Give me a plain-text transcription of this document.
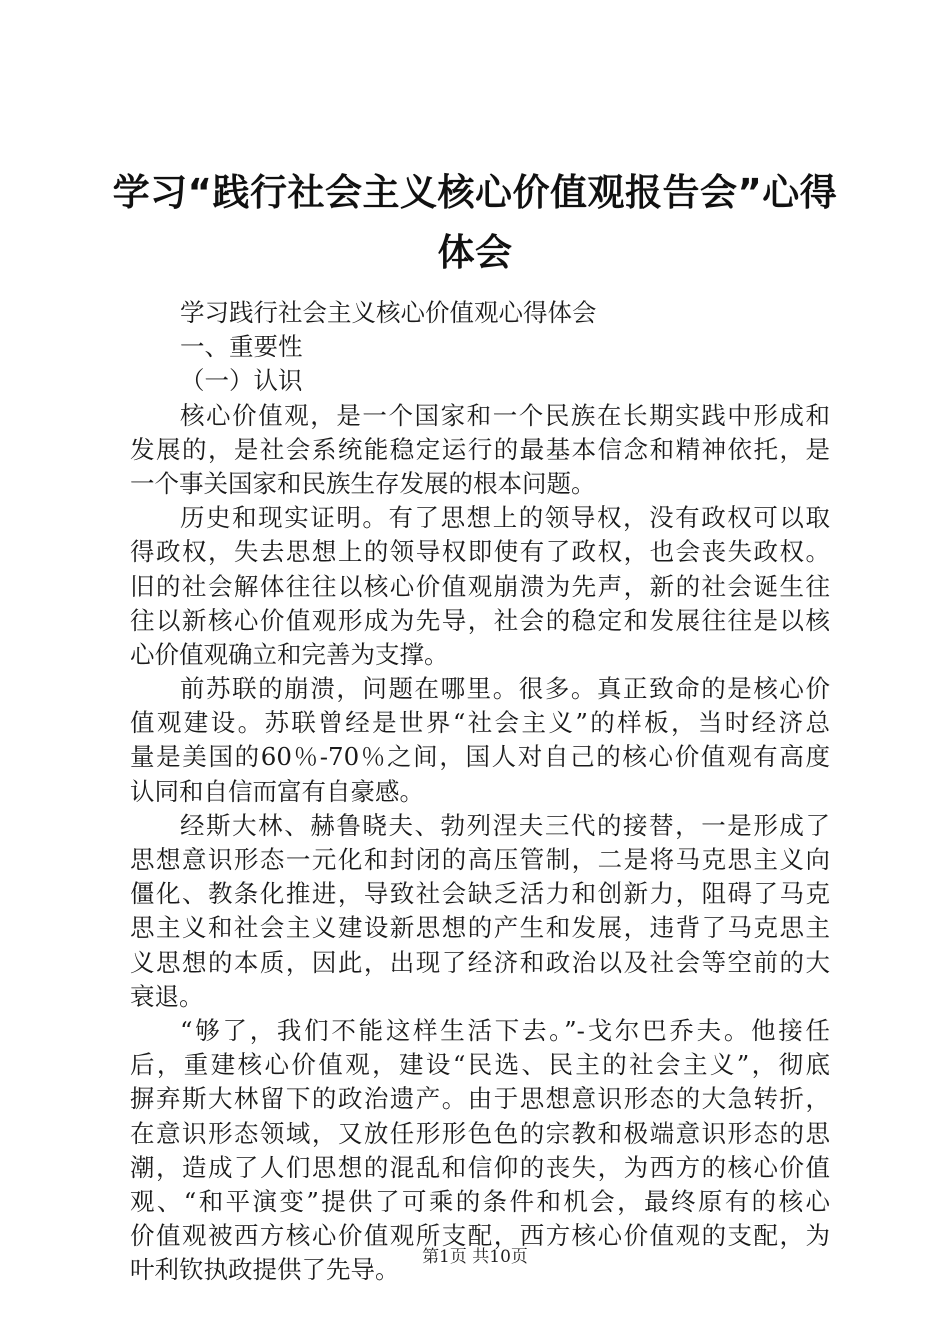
学习“践行社会主义核心价值观报告会”心得
体会
学习践行社会主义核心价值观心得体会
一、重要性
（一）认识
核心价值观，是一个国家和一个民族在长期实践中形成和
发展的，是社会系统能稳定运行的最基本信念和精神依托，是
一个事关国家和民族生存发展的根本问题。
历史和现实证明。有了思想上的领导权，没有政权可以取
得政权，失去思想上的领导权即使有了政权，也会丧失政权。
旧的社会解体往往以核心价值观崩溃为先声，新的社会诞生往
往以新核心价值观形成为先导，社会的稳定和发展往往是以核
心价值观确立和完善为支撑。
前苏联的崩溃，问题在哪里。很多。真正致命的是核心价
值观建设。苏联曾经是世界“社会主义”的样板，当时经济总
量是美国的60％-70％之间，国人对自己的核心价值观有高度
认同和自信而富有自豪感。
经斯大林、赫鲁晓夫、勃列涅夫三代的接替，一是形成了
思想意识形态一元化和封闭的高压管制，二是将马克思主义向
僵化、教条化推进，导致社会缺乏活力和创新力，阻碍了马克
思主义和社会主义建设新思想的产生和发展，违背了马克思主
义思想的本质，因此，出现了经济和政治以及社会等空前的大
衰退。
“够了，我们不能这样生活下去。”-戈尔巴乔夫。他接任
后，重建核心价值观，建设“民选、民主的社会主义”，彻底
摒弃斯大林留下的政治遗产。由于思想意识形态的大急转折，
在意识形态领域，又放任形形色色的宗教和极端意识形态的思
潮，造成了人们思想的混乱和信仰的丧失，为西方的核心价值
观、“和平演变”提供了可乘的条件和机会，最终原有的核心
价值观被西方核心价值观所支配，西方核心价值观的支配，为
叶利钦执政提供了先导。	第1页 共10页
